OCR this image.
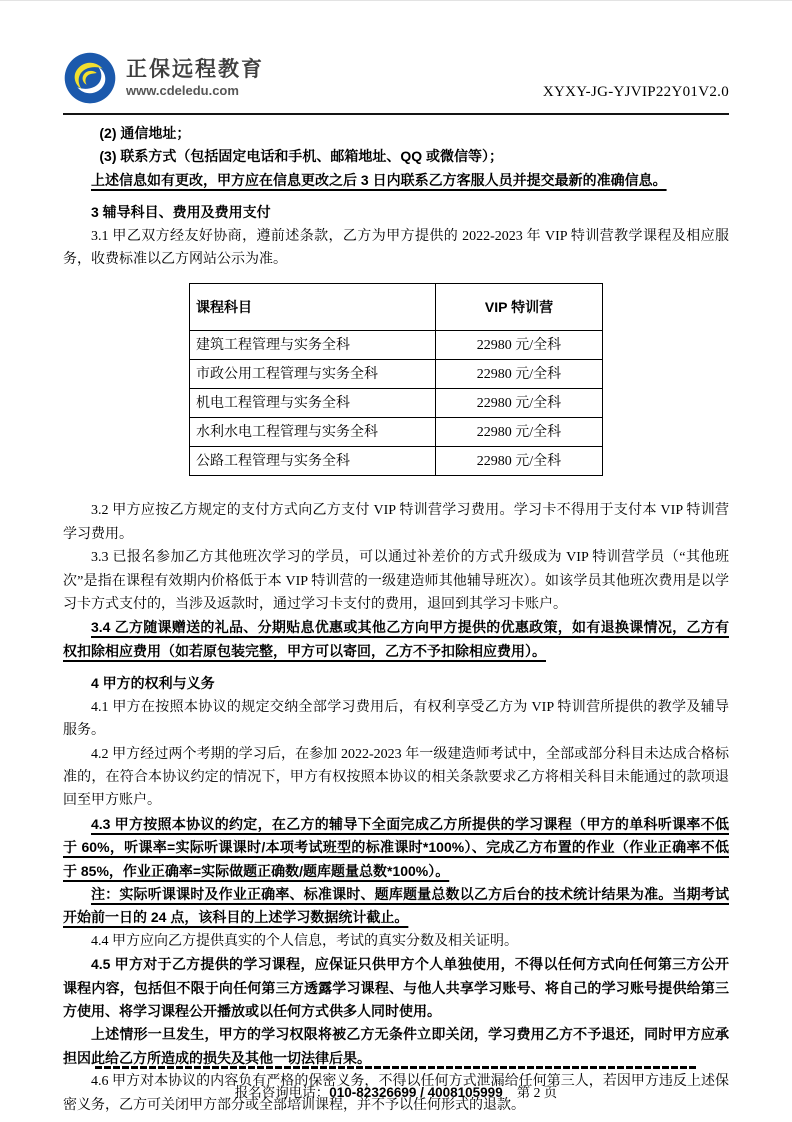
正保远程教育
www.cdeledu.com	XYXY-JG-YJVIP22Y01V2.0

(2) 通信地址；

(3) 联系方式（包括固定电话和手机、邮箱地址、QQ 或微信等）；

上述信息如有更改，甲方应在信息更改之后 3 日内联系乙方客服人员并提交最新的准确信息。

3 辅导科目、费用及费用支付

3.1 甲乙双方经友好协商，遵前述条款，乙方为甲方提供的 2022-2023 年 VIP 特训营教学课程及相应服务，收费标准以乙方网站公示为准。

课程科目	VIP 特训营
建筑工程管理与实务全科	22980 元/全科
市政公用工程管理与实务全科	22980 元/全科
机电工程管理与实务全科	22980 元/全科
水利水电工程管理与实务全科	22980 元/全科
公路工程管理与实务全科	22980 元/全科

3.2 甲方应按乙方规定的支付方式向乙方支付 VIP 特训营学习费用。学习卡不得用于支付本 VIP 特训营学习费用。

3.3 已报名参加乙方其他班次学习的学员，可以通过补差价的方式升级成为 VIP 特训营学员（“其他班次”是指在课程有效期内价格低于本 VIP 特训营的一级建造师其他辅导班次）。如该学员其他班次费用是以学习卡方式支付的，当涉及返款时，通过学习卡支付的费用，退回到其学习卡账户。

3.4 乙方随课赠送的礼品、分期贴息优惠或其他乙方向甲方提供的优惠政策，如有退换课情况，乙方有权扣除相应费用（如若原包装完整，甲方可以寄回，乙方不予扣除相应费用）。

4 甲方的权利与义务

4.1 甲方在按照本协议的规定交纳全部学习费用后，有权利享受乙方为 VIP 特训营所提供的教学及辅导服务。

4.2 甲方经过两个考期的学习后，在参加 2022-2023 年一级建造师考试中，全部或部分科目未达成合格标准的，在符合本协议约定的情况下，甲方有权按照本协议的相关条款要求乙方将相关科目未能通过的款项退回至甲方账户。

4.3 甲方按照本协议的约定，在乙方的辅导下全面完成乙方所提供的学习课程（甲方的单科听课率不低于 60%，听课率=实际听课课时/本项考试班型的标准课时*100%）、完成乙方布置的作业（作业正确率不低于 85%，作业正确率=实际做题正确数/题库题量总数*100%）。

注：实际听课课时及作业正确率、标准课时、题库题量总数以乙方后台的技术统计结果为准。当期考试开始前一日的 24 点，该科目的上述学习数据统计截止。

4.4 甲方应向乙方提供真实的个人信息，考试的真实分数及相关证明。

4.5 甲方对于乙方提供的学习课程，应保证只供甲方个人单独使用，不得以任何方式向任何第三方公开课程内容，包括但不限于向任何第三方透露学习课程、与他人共享学习账号、将自己的学习账号提供给第三方使用、将学习课程公开播放或以任何方式供多人同时使用。

上述情形一旦发生，甲方的学习权限将被乙方无条件立即关闭，学习费用乙方不予退还，同时甲方应承担因此给乙方所造成的损失及其他一切法律后果。

4.6 甲方对本协议的内容负有严格的保密义务，不得以任何方式泄漏给任何第三人，若因甲方违反上述保密义务，乙方可关闭甲方部分或全部培训课程，并不予以任何形式的退款。

报名咨询电话：010-82326699 / 4008105999 第 2 页
